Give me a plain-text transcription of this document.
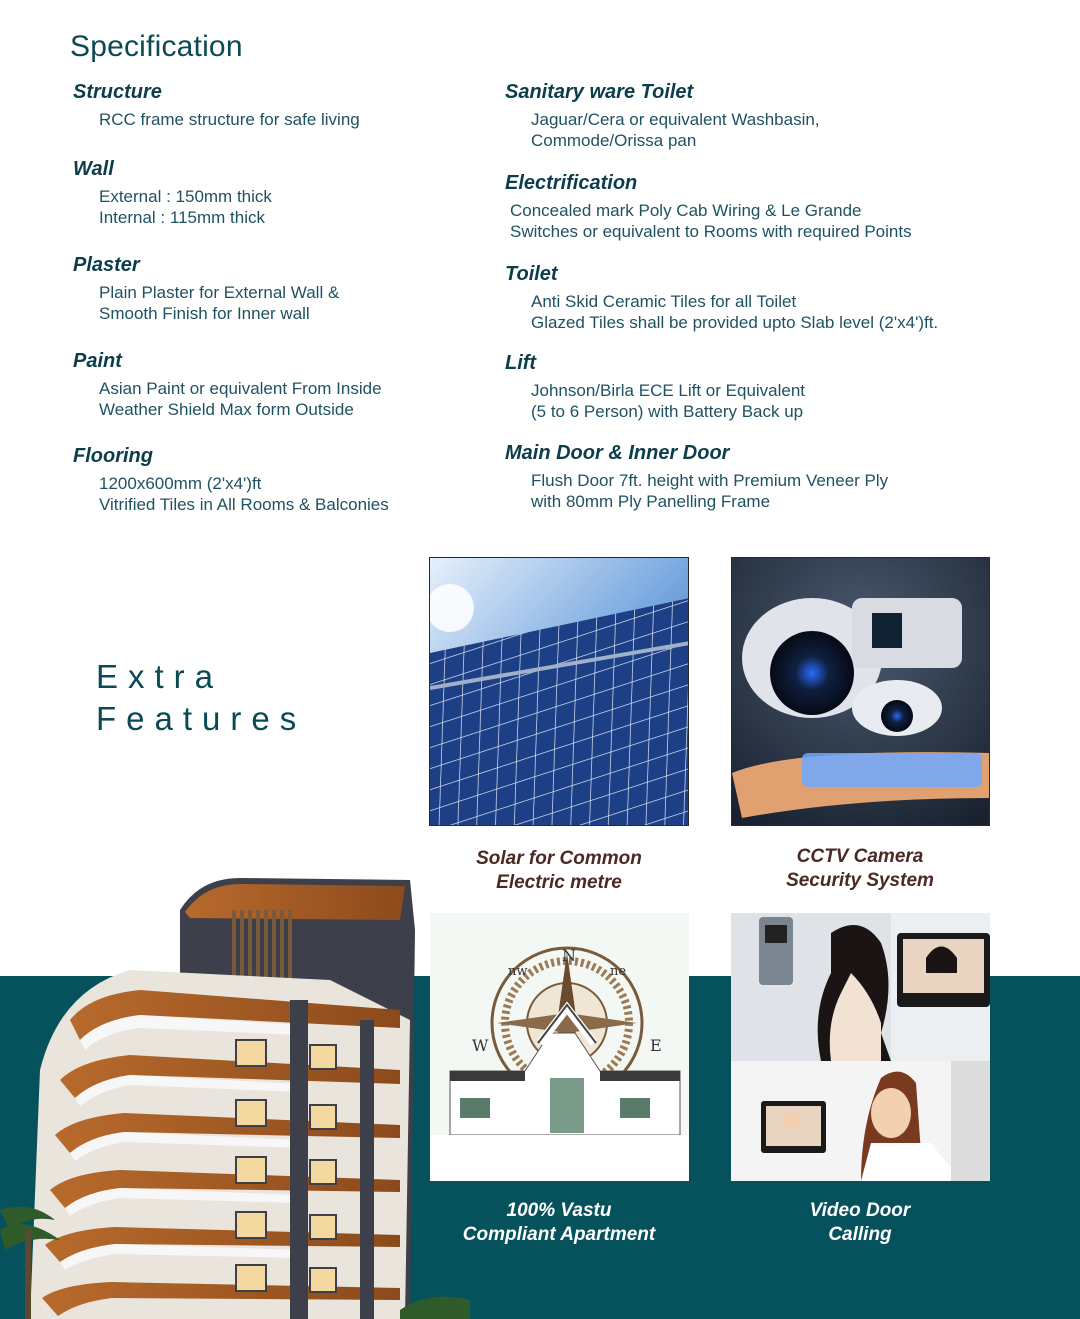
Specification
Structure

RCC frame structure for safe living

Wall

External : 150mm thick

Internal : 115mm thick

Plaster

Plain Plaster for External Wall &

Smooth Finish for Inner wall

Paint

Asian Paint or equivalent From Inside

Weather Shield Max form Outside

Flooring

1200x600mm (2'x4')ft

Vitrified Tiles in All Rooms & Balconies

Sanitary ware Toilet

Jaguar/Cera or equivalent Washbasin,

Commode/Orissa pan

Electrification

Concealed mark Poly Cab Wiring & Le Grande

Switches or equivalent to Rooms with required Points

Toilet

Anti Skid Ceramic Tiles for all Toilet

Glazed Tiles shall be provided upto Slab level (2'x4')ft.

Lift

Johnson/Birla ECE Lift or Equivalent

(5 to 6 Person) with Battery Back up

Main Door & Inner Door

Flush Door 7ft. height with Premium Veneer Ply

with 80mm Ply Panelling Frame

Extra
Features
Solar for Common
Electric metre
CCTV Camera
Security System
N
nw	ne
W	E
100% Vastu
Compliant Apartment
Video Door
Calling
